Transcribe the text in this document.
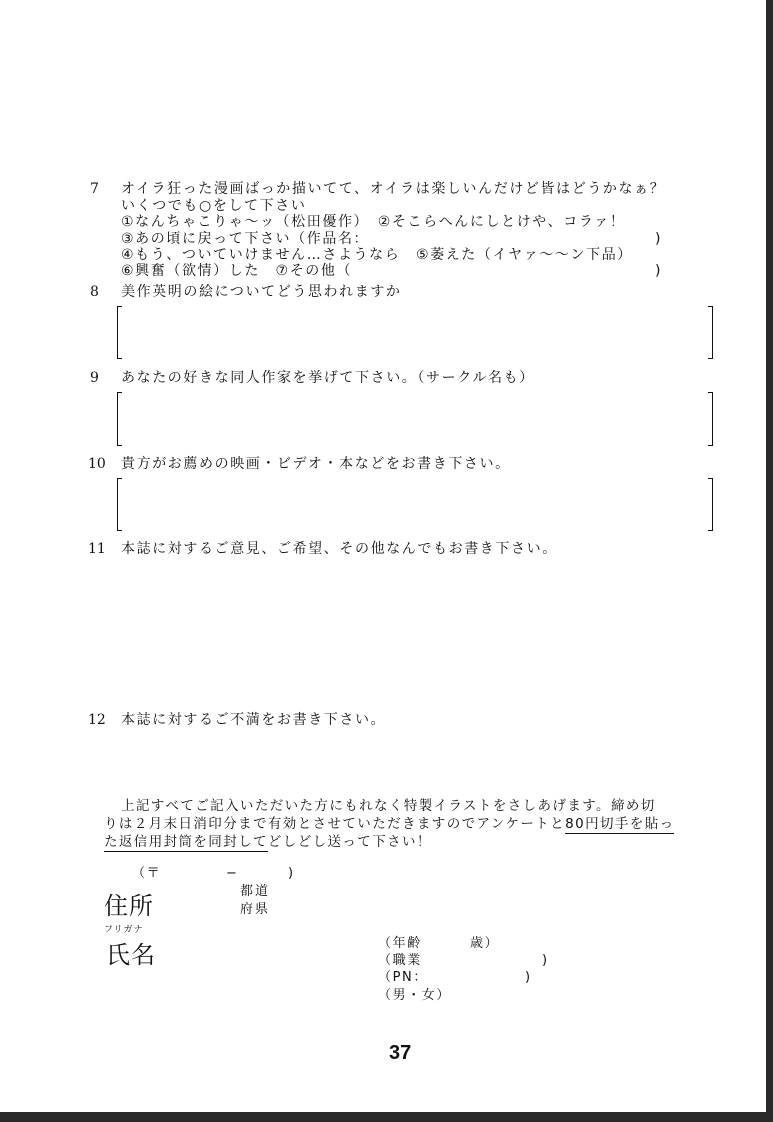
7 オイラ狂った漫画ばっか描いてて、オイラは楽しいんだけど皆はどうかなぁ？
いくつでも○をして下さい
①なんちゃこりゃ〜ッ（松田優作）　②そこらへんにしとけや、コラァ！
③あの頃に戻って下さい（作品名：	)
④もう、ついていけません…さようなら　⑤萎えた（イヤァ〜〜ン下品）
⑥興奮（欲情）した　⑦その他（	)
8 美作英明の絵についてどう思われますか
9 あなたの好きな同人作家を挙げて下さい。（サークル名も）
10 貴方がお薦めの映画・ビデオ・本などをお書き下さい。
11 本誌に対するご意見、ご希望、その他なんでもお書き下さい。
12 本誌に対するご不満をお書き下さい。
上記すべてご記入いただいた方にもれなく特製イラストをさしあげます。締め切
りは２月末日消印分まで有効とさせていただきますのでアンケートと80円切手を貼っ
た返信用封筒を同封してどしどし送って下さい！
（〒	−	)
住所
都道
府県
フリガナ
氏名	（年齢	歳）
（職業	)
（PN：	)
（男・女）
37
